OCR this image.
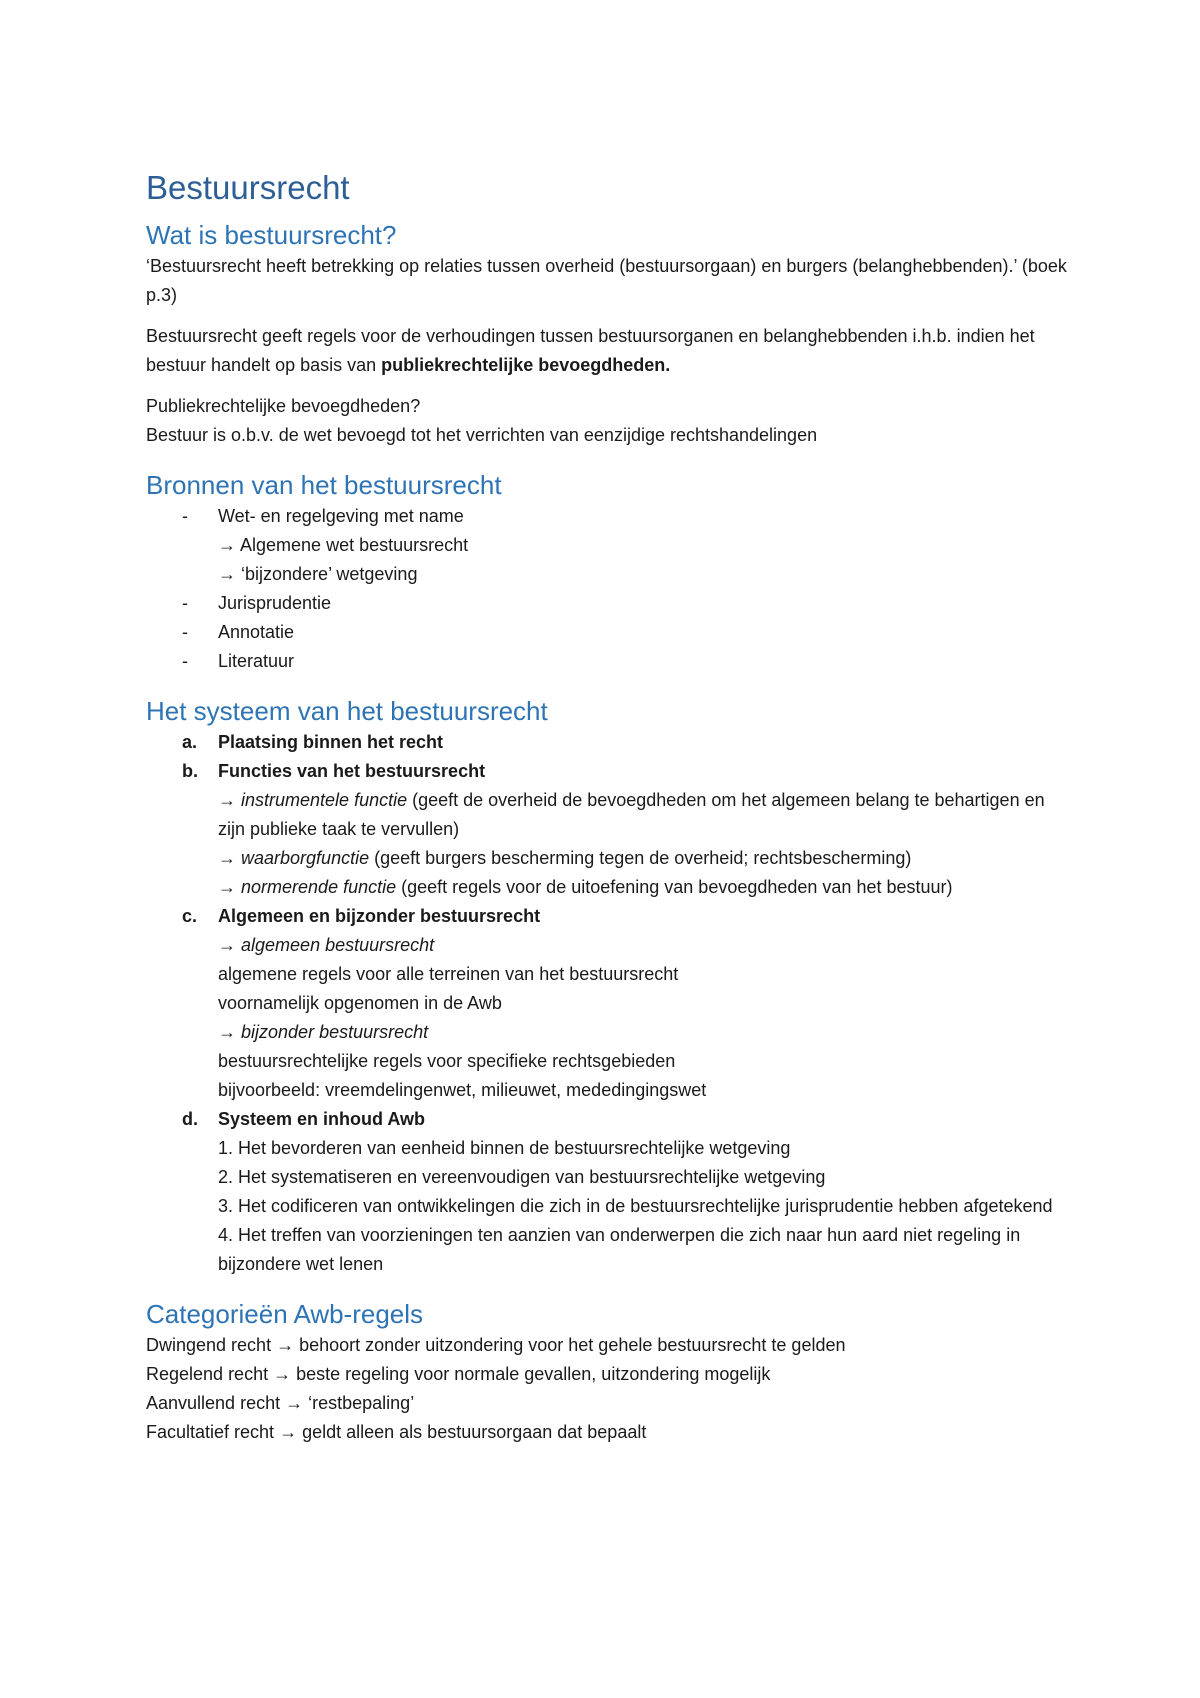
Bestuursrecht
Wat is bestuursrecht?

‘Bestuursrecht heeft betrekking op relaties tussen overheid (bestuursorgaan) en burgers (belanghebbenden).’ (boek p.3)

Bestuursrecht geeft regels voor de verhoudingen tussen bestuursorganen en belanghebbenden i.h.b. indien het bestuur handelt op basis van publiekrechtelijke bevoegdheden.

Publiekrechtelijke bevoegdheden?
Bestuur is o.b.v. de wet bevoegd tot het verrichten van eenzijdige rechtshandelingen

Bronnen van het bestuursrecht
- Wet- en regelgeving met name
→ Algemene wet bestuursrecht
→ ‘bijzondere’ wetgeving
- Jurisprudentie
- Annotatie
- Literatuur
Het systeem van het bestuursrecht
a. Plaatsing binnen het recht
b. Functies van het bestuursrecht
→ instrumentele functie (geeft de overheid de bevoegdheden om het algemeen belang te behartigen en zijn publieke taak te vervullen)
→ waarborgfunctie (geeft burgers bescherming tegen de overheid; rechtsbescherming)
→ normerende functie (geeft regels voor de uitoefening van bevoegdheden van het bestuur)
c. Algemeen en bijzonder bestuursrecht
→ algemeen bestuursrecht
algemene regels voor alle terreinen van het bestuursrecht
voornamelijk opgenomen in de Awb
→ bijzonder bestuursrecht
bestuursrechtelijke regels voor specifieke rechtsgebieden
bijvoorbeeld: vreemdelingenwet, milieuwet, mededingingswet
d. Systeem en inhoud Awb
1. Het bevorderen van eenheid binnen de bestuursrechtelijke wetgeving
2. Het systematiseren en vereenvoudigen van bestuursrechtelijke wetgeving
3. Het codificeren van ontwikkelingen die zich in de bestuursrechtelijke jurisprudentie hebben afgetekend
4. Het treffen van voorzieningen ten aanzien van onderwerpen die zich naar hun aard niet regeling in bijzondere wet lenen
Categorieën Awb-regels

Dwingend recht → behoort zonder uitzondering voor het gehele bestuursrecht te gelden

Regelend recht → beste regeling voor normale gevallen, uitzondering mogelijk

Aanvullend recht → ‘restbepaling’

Facultatief recht → geldt alleen als bestuursorgaan dat bepaalt
